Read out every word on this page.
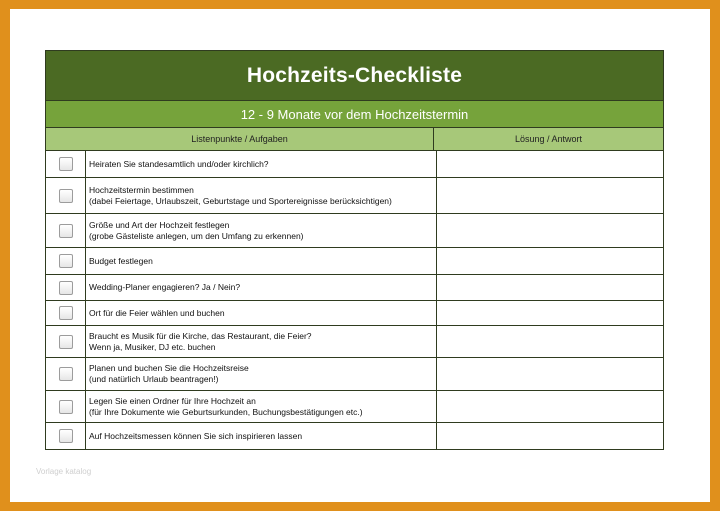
Hochzeits-Checkliste
12 - 9 Monate vor dem Hochzeitstermin
Listenpunkte / Aufgaben	Lösung / Antwort
Heiraten Sie standesamtlich und/oder kirchlich?
Hochzeitstermin bestimmen
(dabei Feiertage, Urlaubszeit, Geburtstage und Sportereignisse berücksichtigen)
Größe und Art der Hochzeit festlegen
(grobe Gästeliste anlegen, um den Umfang zu erkennen)
Budget festlegen
Wedding-Planer engagieren? Ja / Nein?
Ort für die Feier wählen und buchen
Braucht es Musik für die Kirche, das Restaurant, die Feier?
Wenn ja, Musiker, DJ etc. buchen
Planen und buchen Sie die Hochzeitsreise
(und natürlich Urlaub beantragen!)
Legen Sie einen Ordner für Ihre Hochzeit an
(für Ihre Dokumente wie Geburtsurkunden, Buchungsbestätigungen etc.)
Auf Hochzeitsmessen können Sie sich inspirieren lassen
Vorlage katalog
